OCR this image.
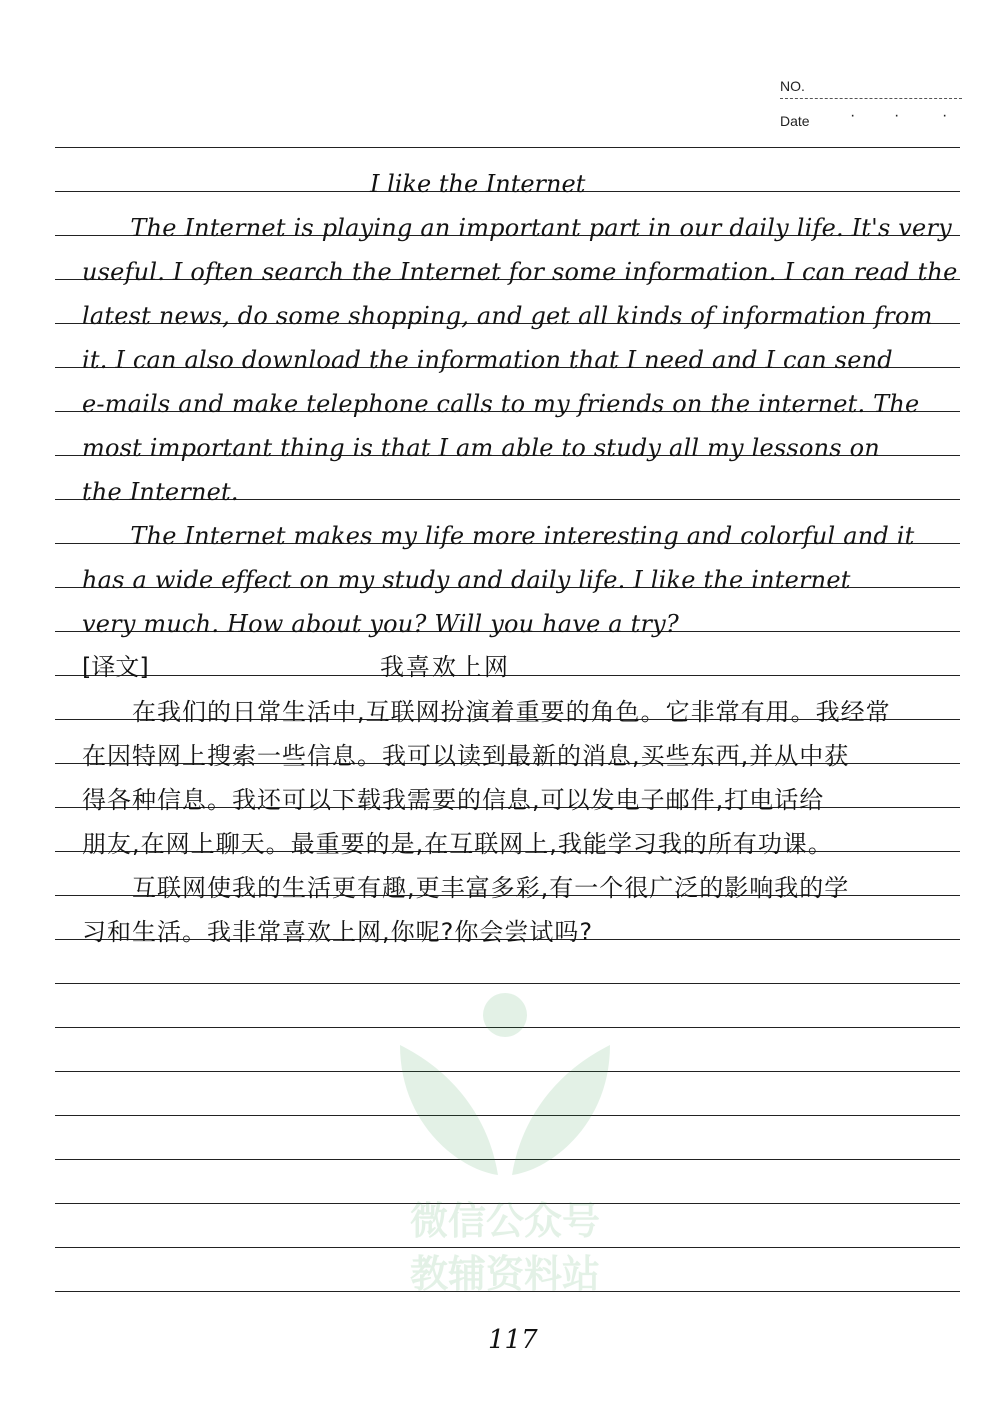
NO.
Date	· ·	·
微信公众号
教辅资料站
I like the Internet
　　The Internet is playing an important part in our daily life. It's very
useful. I often search the Internet for some information. I can read the
latest news, do some shopping, and get all kinds of information from
it. I can also download the information that I need and I can send
e-mails and make telephone calls to my friends on the internet. The
most important thing is that I am able to study all my lessons on
the Internet.
　　The Internet makes my life more interesting and colorful and it
has a wide effect on my study and daily life. I like the internet
very much. How about you? Will you have a try?
[译文]	我喜欢上网
　　在我们的日常生活中,互联网扮演着重要的角色。它非常有用。我经常
在因特网上搜索一些信息。我可以读到最新的消息,买些东西,并从中获
得各种信息。我还可以下载我需要的信息,可以发电子邮件,打电话给
朋友,在网上聊天。最重要的是,在互联网上,我能学习我的所有功课。
　　互联网使我的生活更有趣,更丰富多彩,有一个很广泛的影响我的学
习和生活。我非常喜欢上网,你呢?你会尝试吗?
117
